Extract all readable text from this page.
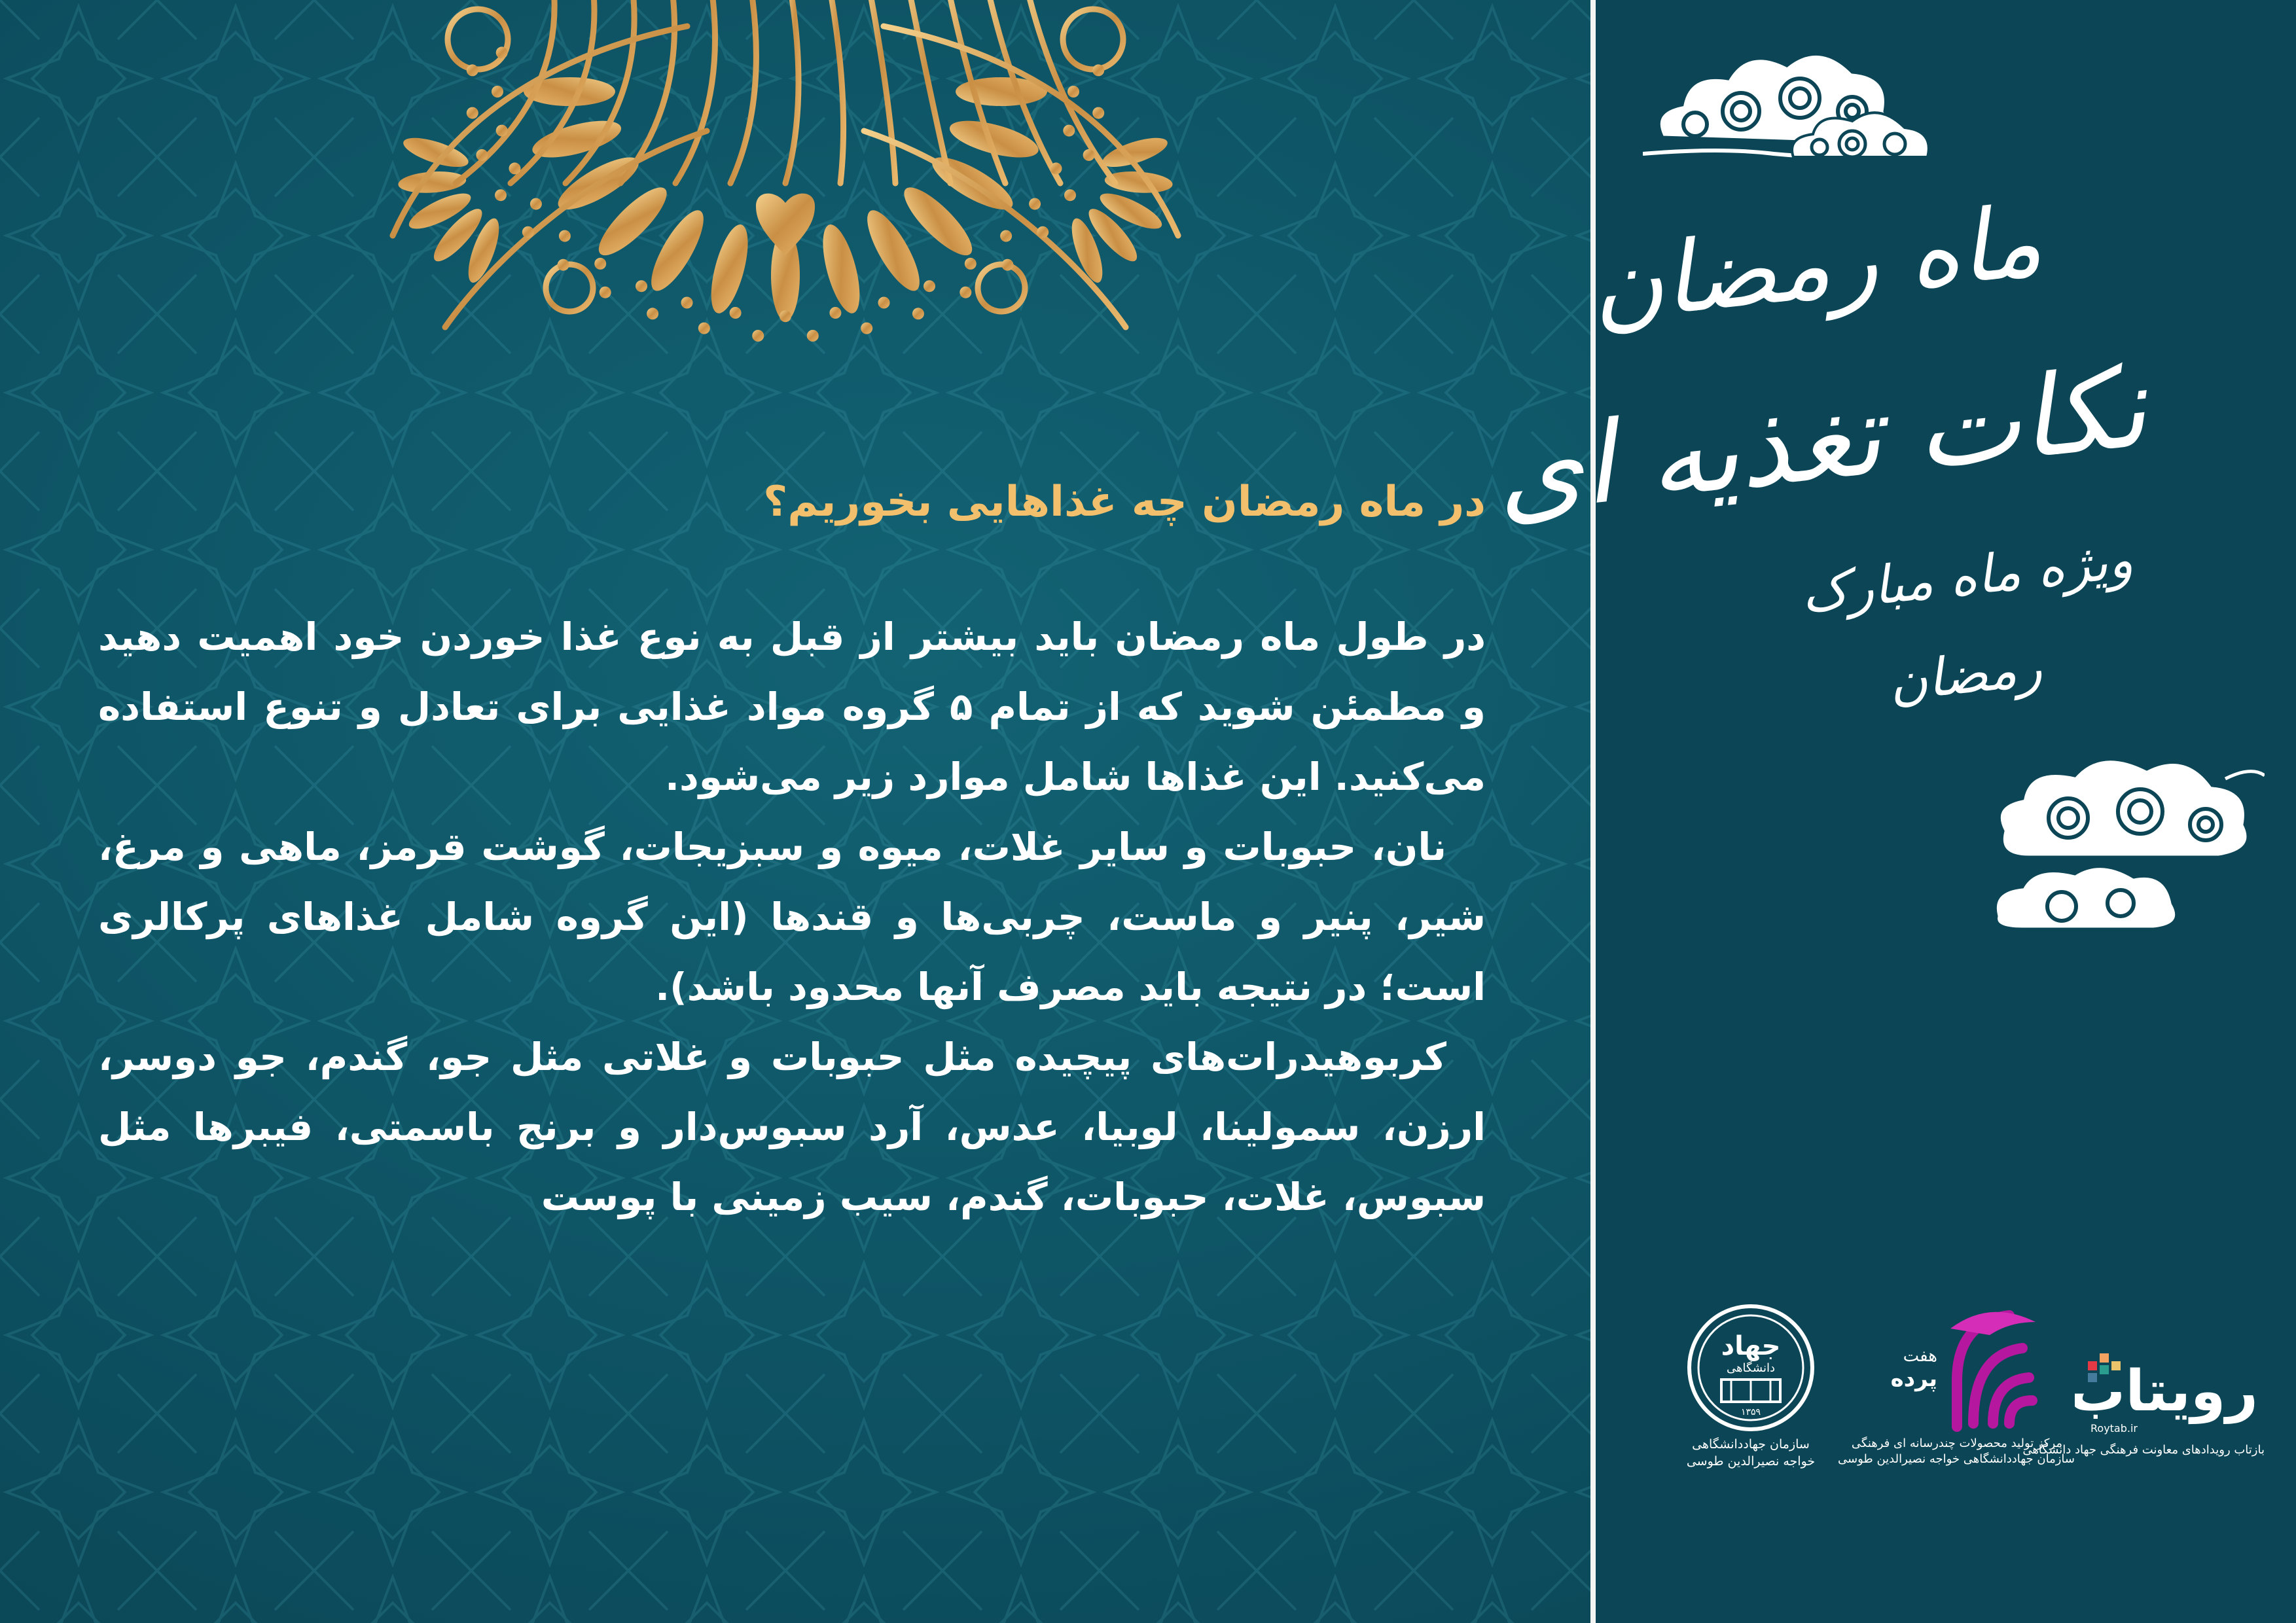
در ماه رمضان چه غذاهایی بخوریم؟

در طول ماه رمضان باید بیشتر از قبل به نوع غذا خوردن خود اهمیت دهید و مطمئن شوید که از تمام ۵ گروه مواد غذایی برای تعادل و تنوع استفاده می‌کنید. این غذاها شامل موارد زیر می‌شود.

نان، حبوبات و سایر غلات، میوه و سبزیجات، گوشت قرمز، ماهی و مرغ، شیر، پنیر و ماست، چربی‌ها و قندها (این گروه شامل غذاهای پرکالری است؛ در نتیجه باید مصرف آنها محدود باشد).

کربوهیدرات‌های پیچیده مثل حبوبات و غلاتی مثل جو، گندم، جو دوسر، ارزن، سمولینا، لوبیا، عدس، آرد سبوس‌دار و برنج باسمتی، فیبرها مثل سبوس، غلات، حبوبات، گندم، سیب زمینی با پوست

ماه رمضان
نکات تغذیه ای
ویژه ماه مبارک
رمضان
جهاد
دانشگاهی
۱۳۵۹
سازمان جهاددانشگاهی
خواجه نصیرالدین طوسی
هفت
پرده
مرکز تولید محصولات چندرسانه ای فرهنگی
سازمان جهاددانشگاهی خواجه نصیرالدین طوسی
رویتاب
Roytab.ir
بازتاب رویدادهای معاونت فرهنگی جهاد دانشگاهی
